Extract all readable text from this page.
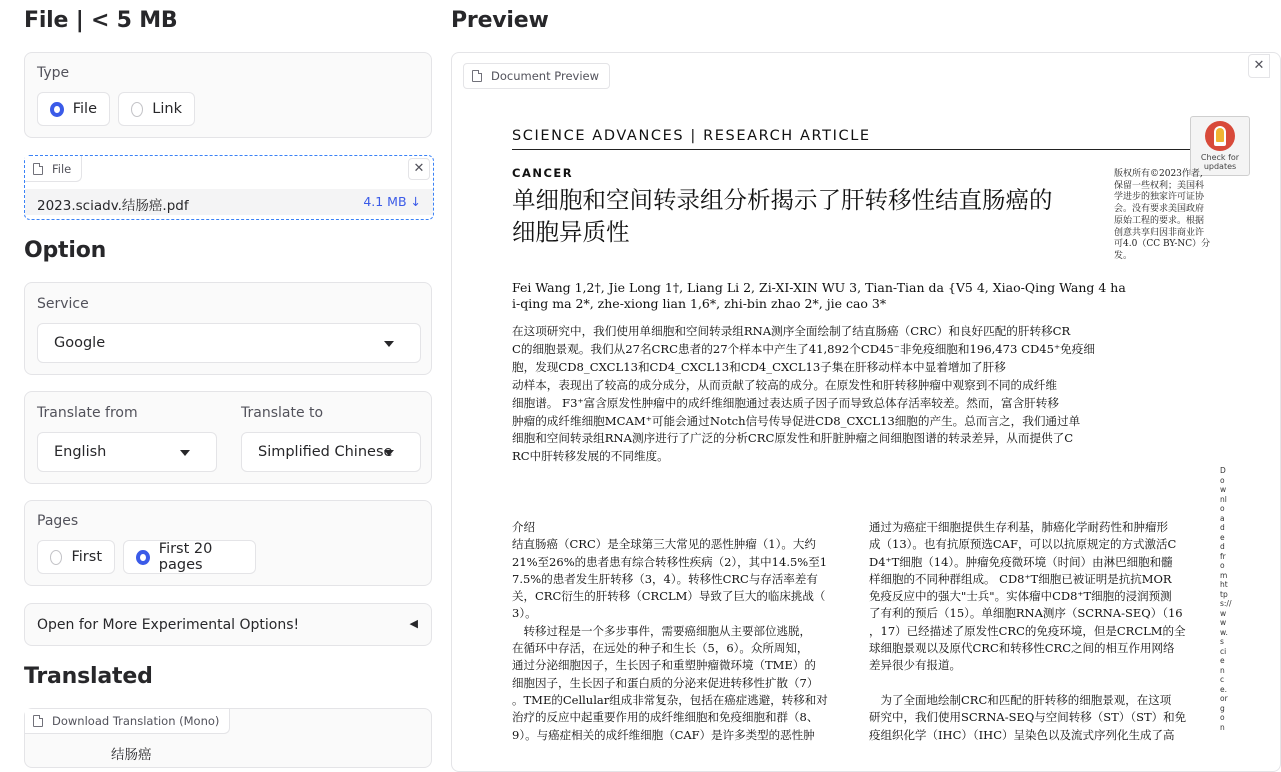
File | < 5 MB
Type
File	Link
File	✕
2023.sciadv.结肠癌.pdf	4.1 MB ↓
Option
Service
Google
Translate from
English
Translate to
Simplified Chinese
Pages
First	First 20 pages
Open for More Experimental Options!	◀
Translated
Download Translation (Mono)
结肠癌
Preview
Document Preview
✕
SCIENCE ADVANCES | RESEARCH ARTICLE
Check for updates
CANCER
单细胞和空间转录组分析揭示了肝转移性结直肠癌的
细胞异质性
版权所有©2023作者,
保留一些权利；美国科
学进步的独家许可证协
会。没有要求美国政府
原始工程的要求。根据
创意共享归因非商业许
可4.0（CC BY-NC）分
发。
Fei Wang 1,2†, Jie Long 1†, Liang Li 2, Zi-XI-XIN WU 3, Tian-Tian da {V5 4, Xiao-Qing Wang 4 ha
i-qing ma 2*, zhe-xiong lian 1,6*, zhi-bin zhao 2*, jie cao 3*
在这项研究中，我们使用单细胞和空间转录组RNA测序全面绘制了结直肠癌（CRC）和良好匹配的肝转移CR
C的细胞景观。我们从27名CRC患者的27个样本中产生了41,892个CD45⁻非免疫细胞和196,473 CD45⁺免疫细
胞，发现CD8_CXCL13和CD4_CXCL13和CD4_CXCL13子集在肝移动样本中显着增加了肝移
动样本，表现出了较高的成分成分，从而贡献了较高的成分。在原发性和肝转移肿瘤中观察到不同的成纤维
细胞谱。 F3⁺富含原发性肿瘤中的成纤维细胞通过表达质子因子而导致总体存活率较差。然而，富含肝转移
肿瘤的成纤维细胞MCAM⁺可能会通过Notch信号传导促进CD8_CXCL13细胞的产生。总而言之，我们通过单
细胞和空间转录组RNA测序进行了广泛的分析CRC原发性和肝脏肿瘤之间细胞图谱的转录差异，从而提供了C
RC中肝转移发展的不同维度。
Downloaded from https://www.science.org on
介绍
结直肠癌（CRC）是全球第三大常见的恶性肿瘤（1）。大约
21%至26%的患者患有综合转移性疾病（2），其中14.5%至1
7.5%的患者发生肝转移（3，4）。转移性CRC与存活率差有
关，CRC衍生的肝转移（CRCLM）导致了巨大的临床挑战（
3）。
　转移过程是一个多步事件，需要癌细胞从主要部位逃脱，
在循环中存活，在远处的种子和生长（5，6）。众所周知，
通过分泌细胞因子，生长因子和重塑肿瘤微环境（TME）的
细胞因子，生长因子和蛋白质的分泌来促进转移性扩散（7）
。TME的Cellular组成非常复杂，包括在癌症逃避，转移和对
治疗的反应中起重要作用的成纤维细胞和免疫细胞和群（8、
9）。与癌症相关的成纤维细胞（CAF）是许多类型的恶性肿
通过为癌症干细胞提供生存利基，肺癌化学耐药性和肿瘤形
成（13）。也有抗原预选CAF，可以以抗原规定的方式激活C
D4⁺T细胞（14）。肿瘤免疫微环境（时间）由淋巴细胞和髓
样细胞的不同种群组成。 CD8⁺T细胞已被证明是抗抗MOR
免疫反应中的强大"士兵"。实体瘤中CD8⁺T细胞的浸润预测
了有利的预后（15）。单细胞RNA测序（SCRNA-SEQ）（16
，17）已经描述了原发性CRC的免疫环境，但是CRCLM的全
球细胞景观以及原代CRC和转移性CRC之间的相互作用网络
差异很少有报道。

　为了全面地绘制CRC和匹配的肝转移的细胞景观，在这项
研究中，我们使用SCRNA-SEQ与空间转移（ST）（ST）和免
疫组织化学（IHC）（IHC）呈染色以及流式序列化生成了高
